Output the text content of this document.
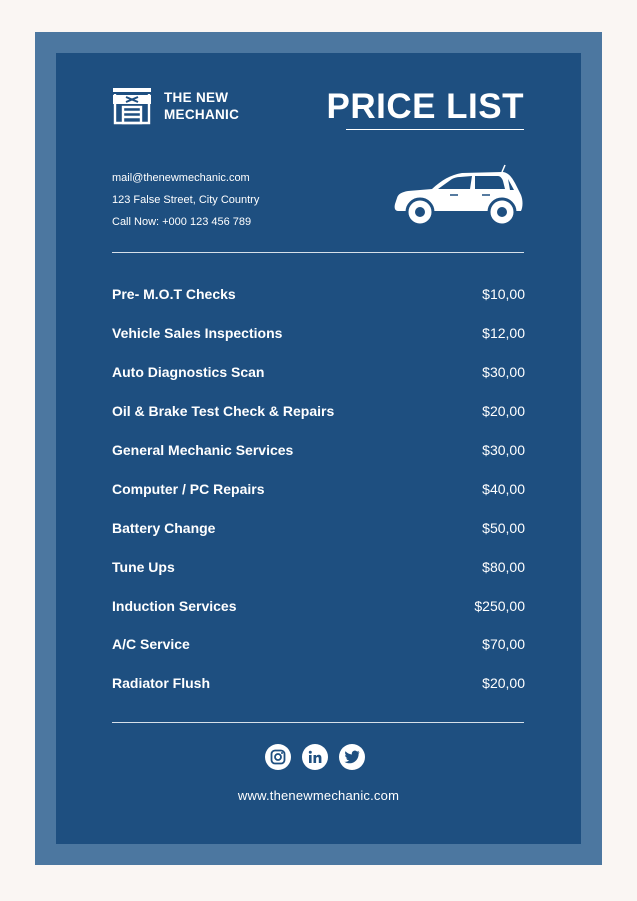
THE NEW
MECHANIC PRICE LIST
mail@thenewmechanic.com
123 False Street, City Country
Call Now: +000 123 456 789
Pre- M.O.T Checks	$10,00
Vehicle Sales Inspections	$12,00
Auto Diagnostics Scan	$30,00
Oil & Brake Test Check & Repairs	$20,00
General Mechanic Services	$30,00
Computer / PC Repairs	$40,00
Battery Change	$50,00
Tune Ups	$80,00
Induction Services	$250,00
A/C Service	$70,00
Radiator Flush	$20,00
www.thenewmechanic.com
